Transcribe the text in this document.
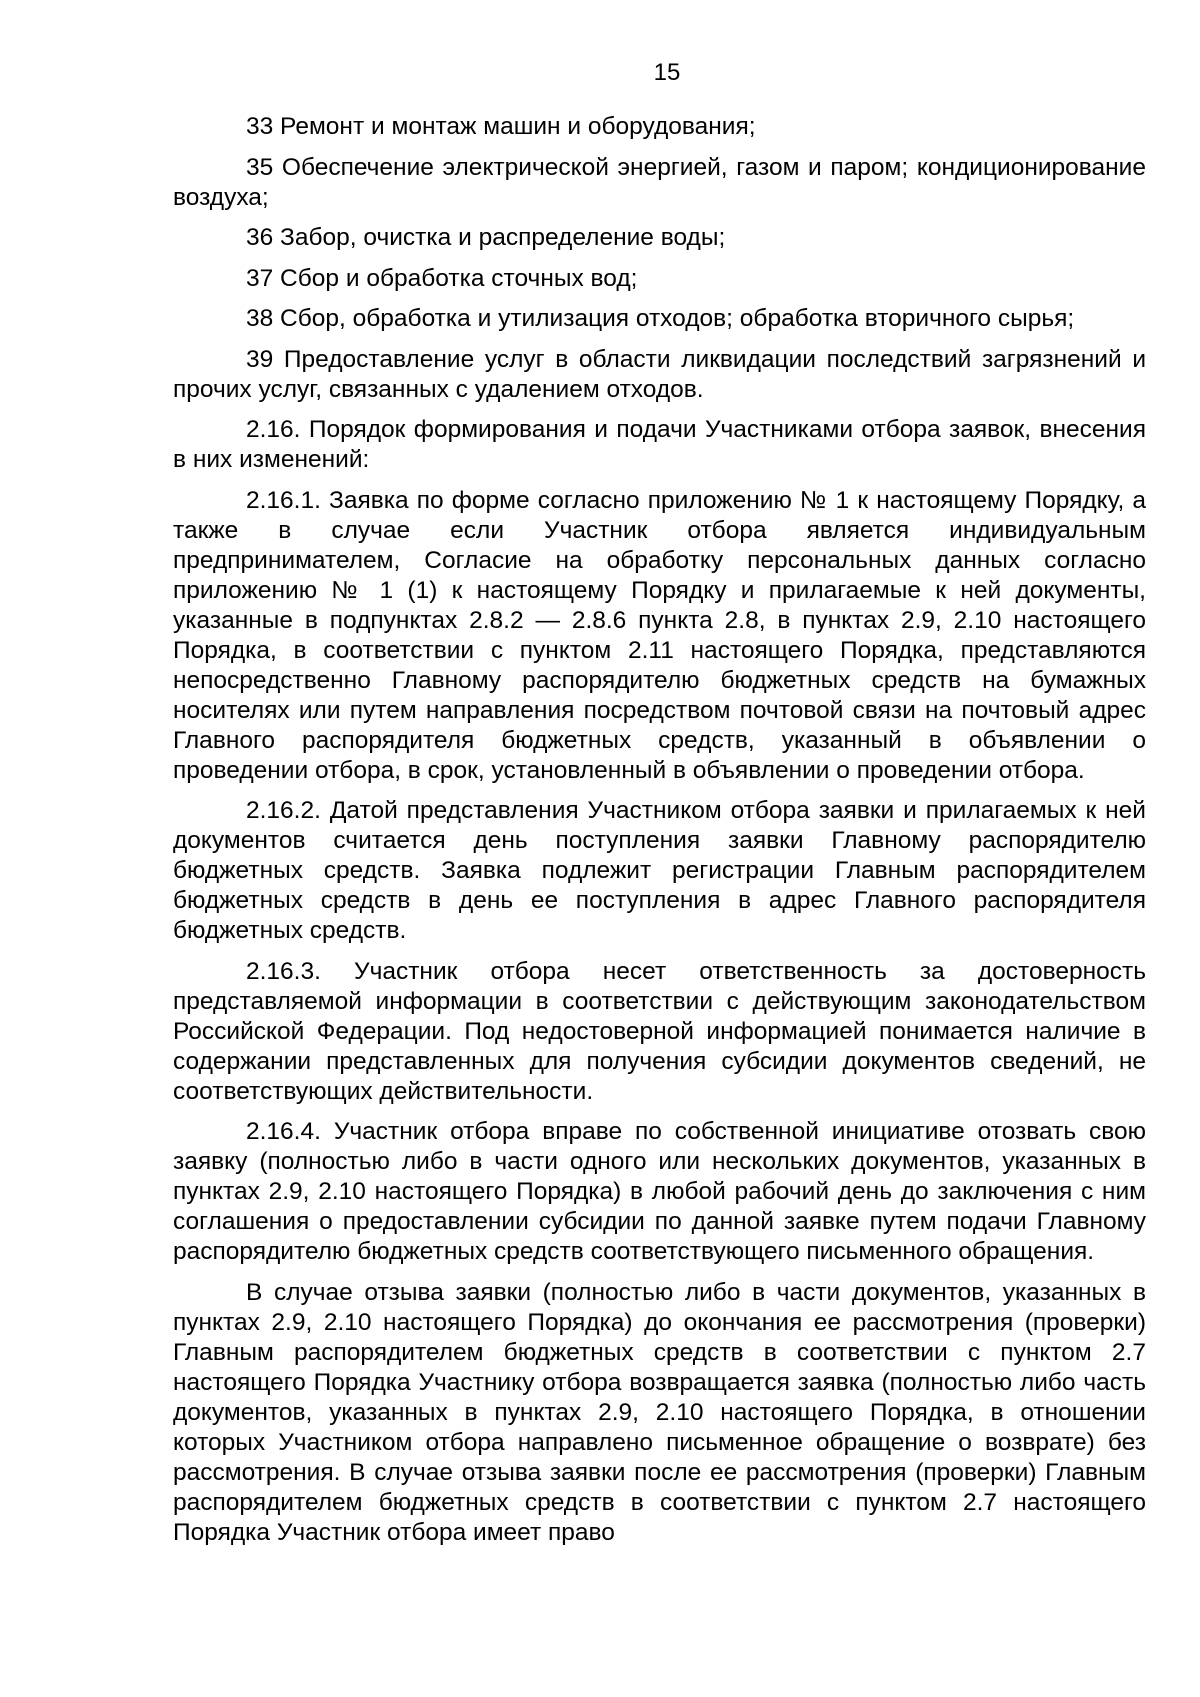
15

33 Ремонт и монтаж машин и оборудования;

35 Обеспечение электрической энергией, газом и паром; кондиционирование воздуха;

36 Забор, очистка и распределение воды;

37 Сбор и обработка сточных вод;

38 Сбор, обработка и утилизация отходов; обработка вторичного сырья;

39 Предоставление услуг в области ликвидации последствий загрязнений и прочих услуг, связанных с удалением отходов.

2.16. Порядок формирования и подачи Участниками отбора заявок, внесения в них изменений:

2.16.1. Заявка по форме согласно приложению № 1 к настоящему Порядку, а также в случае если Участник отбора является индивидуальным предпринимателем, Согласие на обработку персональных данных согласно приложению № 1 (1) к настоящему Порядку и прилагаемые к ней документы, указанные в подпунктах 2.8.2 — 2.8.6 пункта 2.8, в пунктах 2.9, 2.10 настоящего Порядка, в соответствии с пунктом 2.11 настоящего Порядка, представляются непосредственно Главному распорядителю бюджетных средств на бумажных носителях или путем направления посредством почтовой связи на почтовый адрес Главного распорядителя бюджетных средств, указанный в объявлении о проведении отбора, в срок, установленный в объявлении о проведении отбора.

2.16.2. Датой представления Участником отбора заявки и прилагаемых к ней документов считается день поступления заявки Главному распорядителю бюджетных средств. Заявка подлежит регистрации Главным распорядителем бюджетных средств в день ее поступления в адрес Главного распорядителя бюджетных средств.

2.16.3. Участник отбора несет ответственность за достоверность представляемой информации в соответствии с действующим законодательством Российской Федерации. Под недостоверной информацией понимается наличие в содержании представленных для получения субсидии документов сведений, не соответствующих действительности.

2.16.4. Участник отбора вправе по собственной инициативе отозвать свою заявку (полностью либо в части одного или нескольких документов, указанных в пунктах 2.9, 2.10 настоящего Порядка) в любой рабочий день до заключения с ним соглашения о предоставлении субсидии по данной заявке путем подачи Главному распорядителю бюджетных средств соответствующего письменного обращения.

В случае отзыва заявки (полностью либо в части документов, указанных в пунктах 2.9, 2.10 настоящего Порядка) до окончания ее рассмотрения (проверки) Главным распорядителем бюджетных средств в соответствии с пунктом 2.7 настоящего Порядка Участнику отбора возвращается заявка (полностью либо часть документов, указанных в пунктах 2.9, 2.10 настоящего Порядка, в отношении которых Участником отбора направлено письменное обращение о возврате) без рассмотрения. В случае отзыва заявки после ее рассмотрения (проверки) Главным распорядителем бюджетных средств в соответствии с пунктом 2.7 настоящего Порядка Участник отбора имеет право
